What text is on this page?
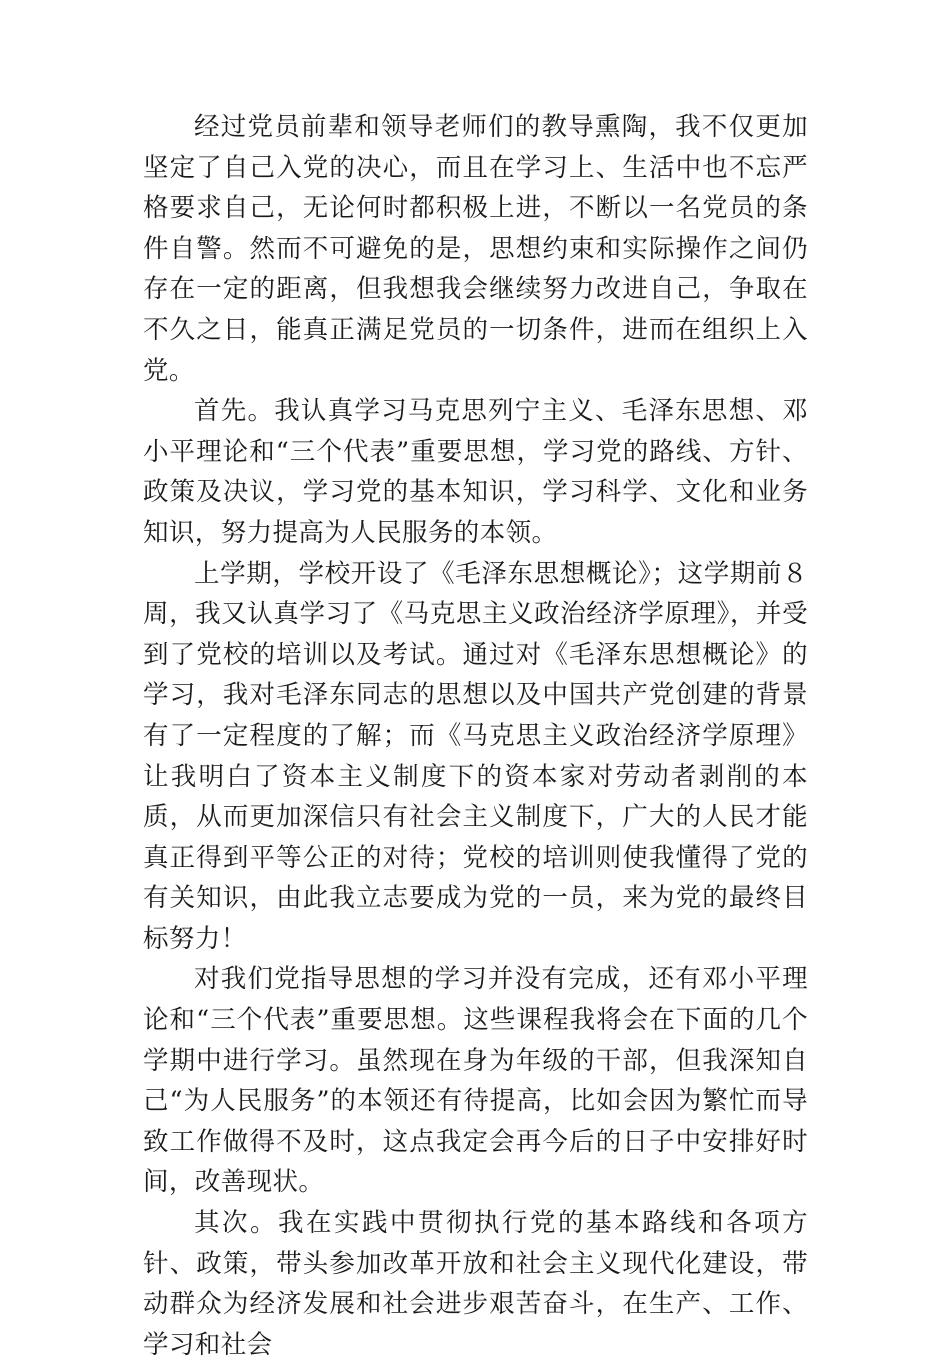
经过党员前辈和领导老师们的教导熏陶，我不仅更加坚定了自己入党的决心，而且在学习上、生活中也不忘严格要求自己，无论何时都积极上进，不断以一名党员的条件自警。然而不可避免的是，思想约束和实际操作之间仍存在一定的距离，但我想我会继续努力改进自己，争取在不久之日，能真正满足党员的一切条件，进而在组织上入党。

首先。我认真学习马克思列宁主义、毛泽东思想、邓小平理论和“三个代表”重要思想，学习党的路线、方针、政策及决议，学习党的基本知识，学习科学、文化和业务知识，努力提高为人民服务的本领。

上学期，学校开设了《毛泽东思想概论》；这学期前８周，我又认真学习了《马克思主义政治经济学原理》，并受到了党校的培训以及考试。通过对《毛泽东思想概论》的学习，我对毛泽东同志的思想以及中国共产党创建的背景有了一定程度的了解；而《马克思主义政治经济学原理》让我明白了资本主义制度下的资本家对劳动者剥削的本质，从而更加深信只有社会主义制度下，广大的人民才能真正得到平等公正的对待；党校的培训则使我懂得了党的有关知识，由此我立志要成为党的一员，来为党的最终目标努力！

对我们党指导思想的学习并没有完成，还有邓小平理论和“三个代表”重要思想。这些课程我将会在下面的几个学期中进行学习。虽然现在身为年级的干部，但我深知自己“为人民服务”的本领还有待提高，比如会因为繁忙而导致工作做得不及时，这点我定会再今后的日子中安排好时间，改善现状。

其次。我在实践中贯彻执行党的基本路线和各项方针、政策，带头参加改革开放和社会主义现代化建设，带动群众为经济发展和社会进步艰苦奋斗，在生产、工作、学习和社会
